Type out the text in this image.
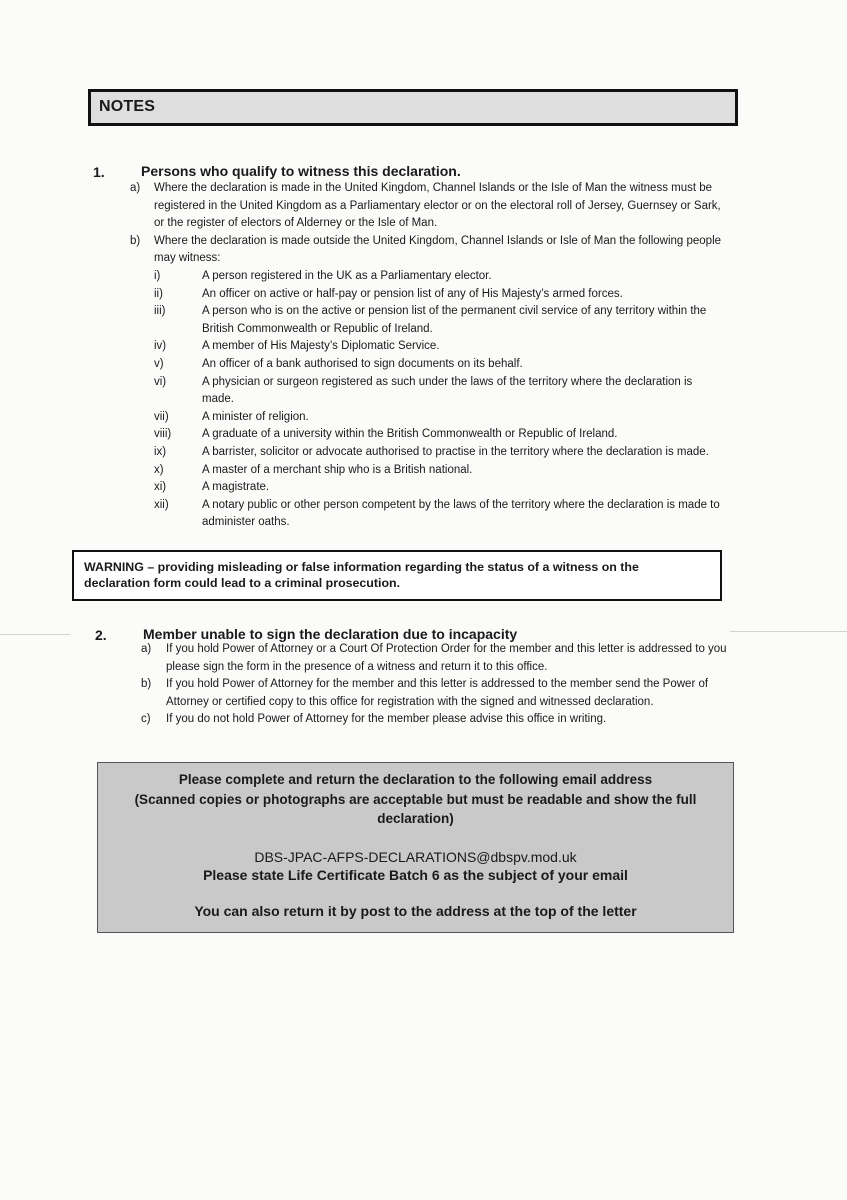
NOTES
1.	Persons who qualify to witness this declaration.
a) Where the declaration is made in the United Kingdom, Channel Islands or the Isle of Man the witness must be registered in the United Kingdom as a Parliamentary elector or on the electoral roll of Jersey, Guernsey or Sark, or the register of electors of Alderney or the Isle of Man.
b) Where the declaration is made outside the United Kingdom, Channel Islands or Isle of Man the following people may witness:
i)	A person registered in the UK as a Parliamentary elector.
ii)	An officer on active or half-pay or pension list of any of His Majesty’s armed forces.
iii)	A person who is on the active or pension list of the permanent civil service of any territory within the British Commonwealth or Republic of Ireland.
iv)	A member of His Majesty’s Diplomatic Service.
v)	An officer of a bank authorised to sign documents on its behalf.
vi)	A physician or surgeon registered as such under the laws of the territory where the declaration is made.
vii)	A minister of religion.
viii)	A graduate of a university within the British Commonwealth or Republic of Ireland.
ix)	A barrister, solicitor or advocate authorised to practise in the territory where the declaration is made.
x)	A master of a merchant ship who is a British national.
xi)	A magistrate.
xii)	A notary public or other person competent by the laws of the territory where the declaration is made to administer oaths.
WARNING – providing misleading or false information regarding the status of a witness on the declaration form could lead to a criminal prosecution.
2.	Member unable to sign the declaration due to incapacity
a) If you hold Power of Attorney or a Court Of Protection Order for the member and this letter is addressed to you please sign the form in the presence of a witness and return it to this office.
b) If you hold Power of Attorney for the member and this letter is addressed to the member send the Power of Attorney or certified copy to this office for registration with the signed and witnessed declaration.
c) If you do not hold Power of Attorney for the member please advise this office in writing.
Please complete and return the declaration to the following email address
(Scanned copies or photographs are acceptable but must be readable and show the full
declaration)
DBS-JPAC-AFPS-DECLARATIONS@dbspv.mod.uk
Please state Life Certificate Batch 6 as the subject of your email
You can also return it by post to the address at the top of the letter
